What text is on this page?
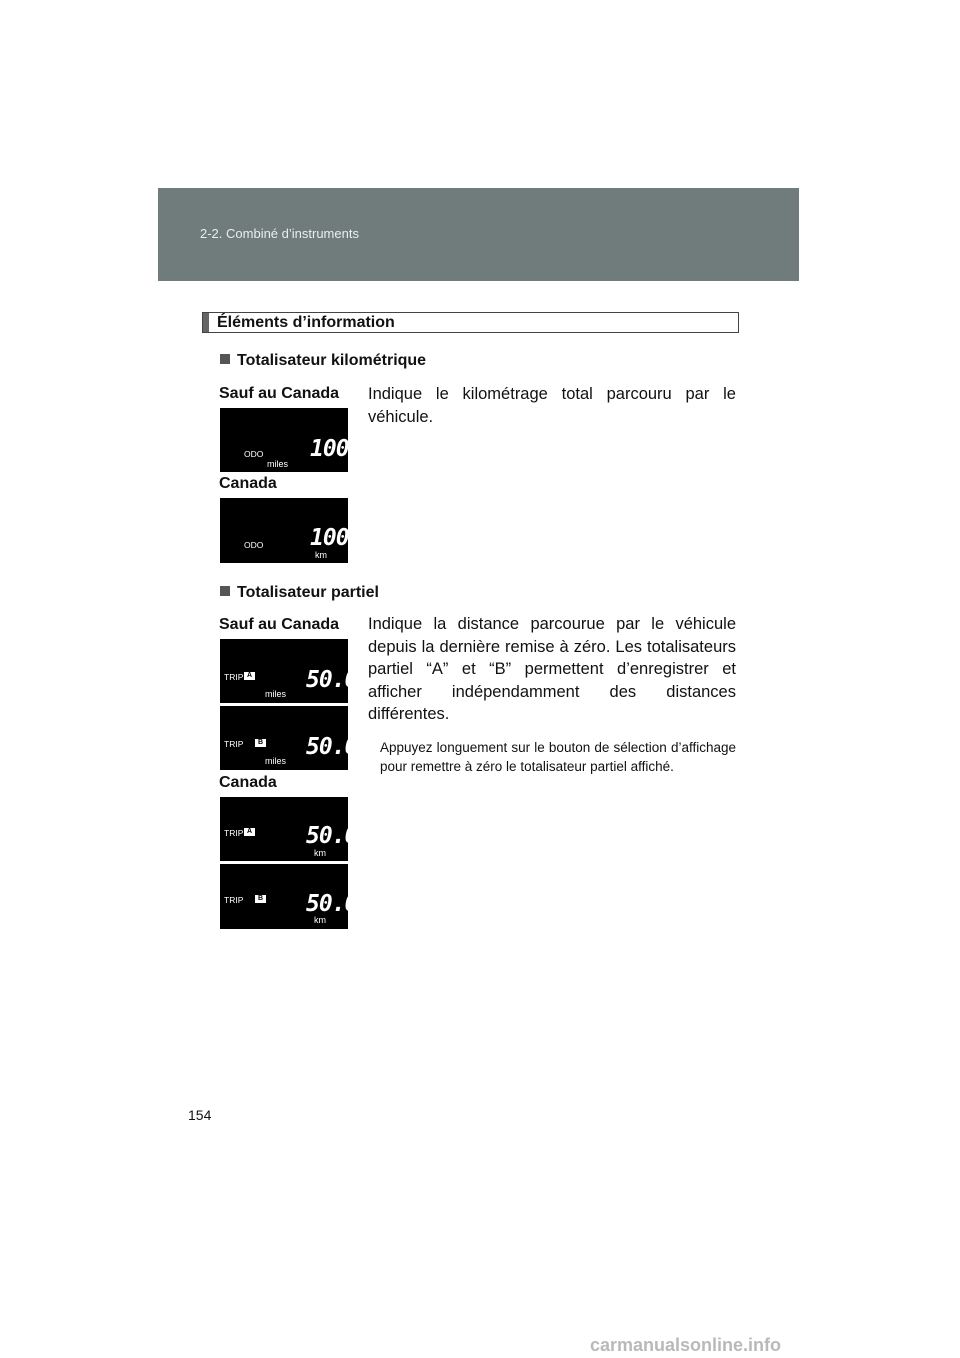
2-2. Combiné d’instruments
Éléments d’information
Totalisateur kilométrique
Sauf au Canada Indique le kilométrage total parcouru par le véhicule.
ODO
miles
100
Canada
ODO
km
100
Totalisateur partiel
Sauf au Canada Indique la distance parcourue par le véhicule depuis la dernière remise à zéro. Les totalisateurs partiel “A” et “B” permettent d’enregistrer et afficher indépendamment des distances différentes.
Appuyez longuement sur le bouton de sélection d’affichage pour remettre à zéro le totalisateur partiel affiché.
TRIP A
miles
50.0
TRIP	B
miles
50.0
Canada
TRIP A
km
50.0
TRIP	B
km
50.0
154
carmanualsonline.info
